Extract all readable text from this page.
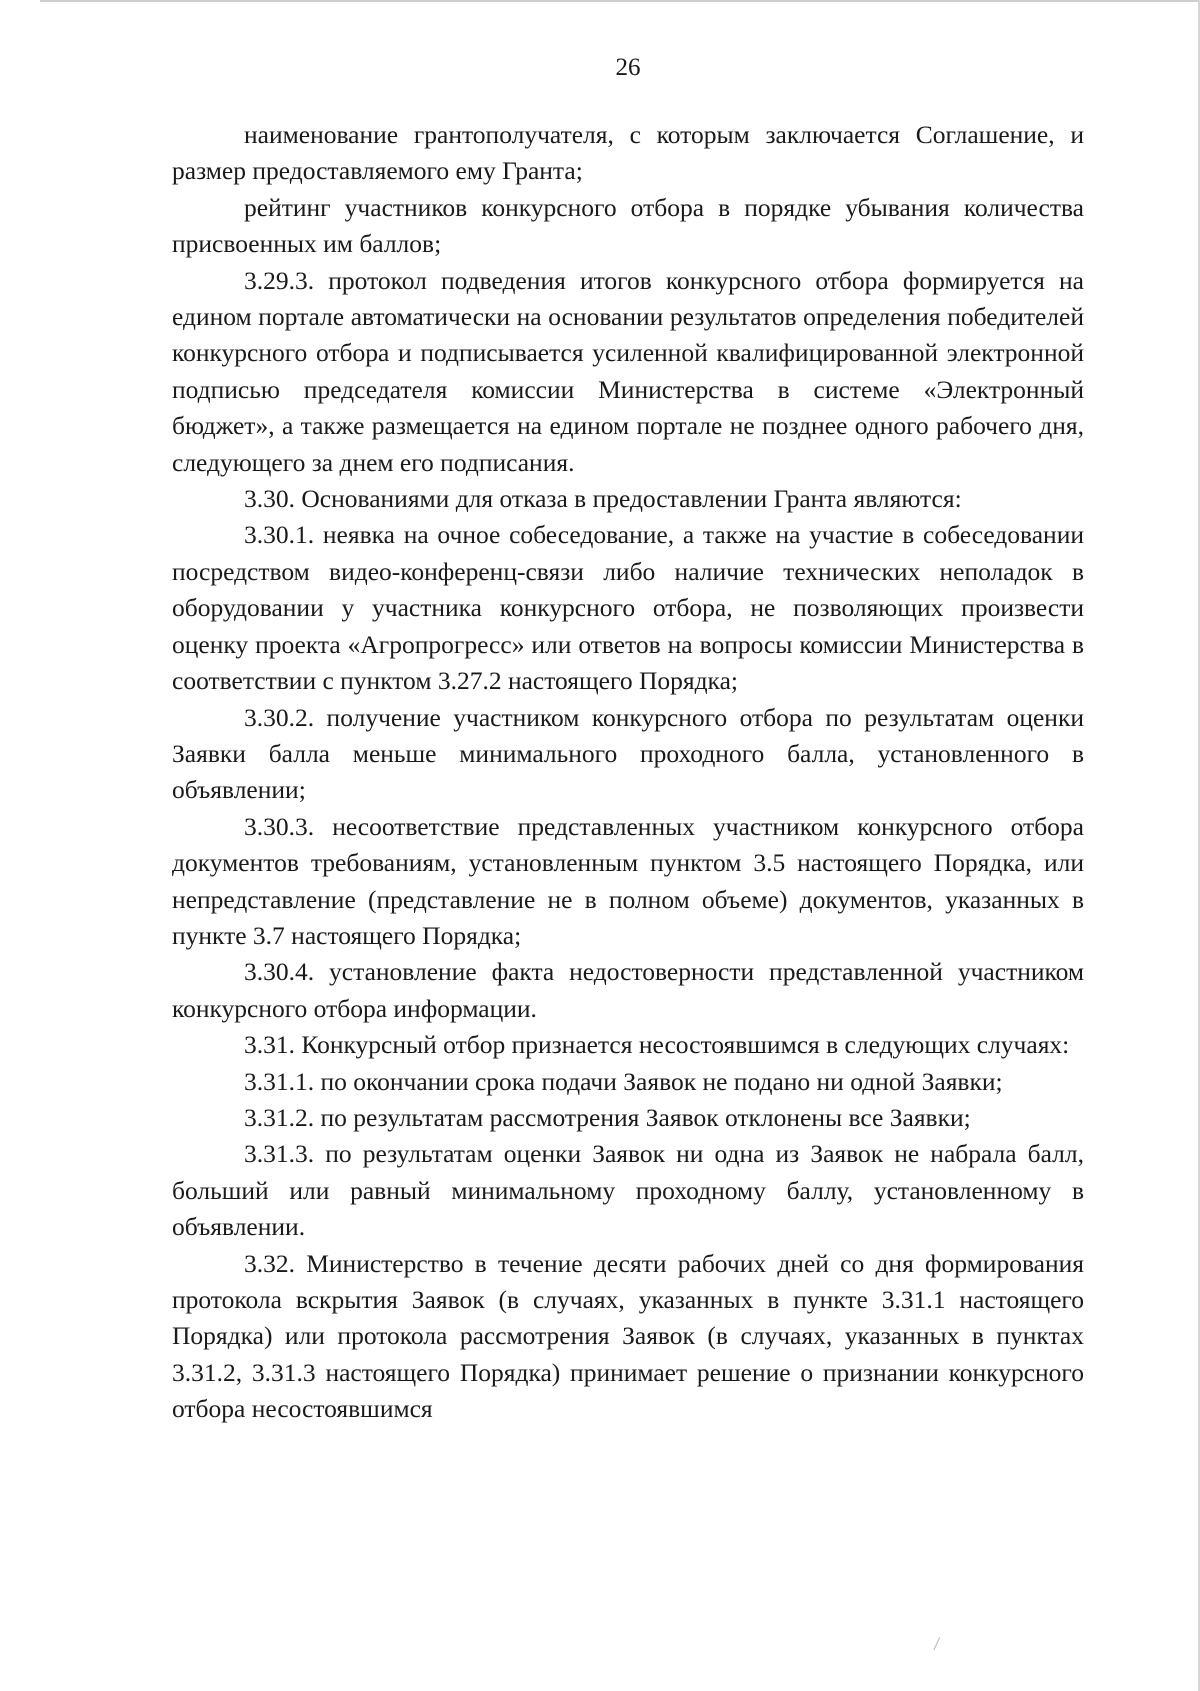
26

наименование грантополучателя, с которым заключается Соглашение, и размер предоставляемого ему Гранта;

рейтинг участников конкурсного отбора в порядке убывания количества присвоенных им баллов;

3.29.3. протокол подведения итогов конкурсного отбора формируется на едином портале автоматически на основании результатов определения победителей конкурсного отбора и подписывается усиленной квалифицированной электронной подписью председателя комиссии Министерства в системе «Электронный бюджет», а также размещается на едином портале не позднее одного рабочего дня, следующего за днем его подписания.

3.30. Основаниями для отказа в предоставлении Гранта являются:

3.30.1. неявка на очное собеседование, а также на участие в собеседовании посредством видео-конференц-связи либо наличие технических неполадок в оборудовании у участника конкурсного отбора, не позволяющих произвести оценку проекта «Агропрогресс» или ответов на вопросы комиссии Министерства в соответствии с пунктом 3.27.2 настоящего Порядка;

3.30.2. получение участником конкурсного отбора по результатам оценки Заявки балла меньше минимального проходного балла, установленного в объявлении;

3.30.3. несоответствие представленных участником конкурсного отбора документов требованиям, установленным пунктом 3.5 настоящего Порядка, или непредставление (представление не в полном объеме) документов, указанных в пункте 3.7 настоящего Порядка;

3.30.4. установление факта недостоверности представленной участником конкурсного отбора информации.

3.31. Конкурсный отбор признается несостоявшимся в следующих случаях:

3.31.1. по окончании срока подачи Заявок не подано ни одной Заявки;

3.31.2. по результатам рассмотрения Заявок отклонены все Заявки;

3.31.3. по результатам оценки Заявок ни одна из Заявок не набрала балл, больший или равный минимальному проходному баллу, установленному в объявлении.

3.32. Министерство в течение десяти рабочих дней со дня формирования протокола вскрытия Заявок (в случаях, указанных в пункте 3.31.1 настоящего Порядка) или протокола рассмотрения Заявок (в случаях, указанных в пунктах 3.31.2, 3.31.3 настоящего Порядка) принимает решение о признании конкурсного отбора несостоявшимся
